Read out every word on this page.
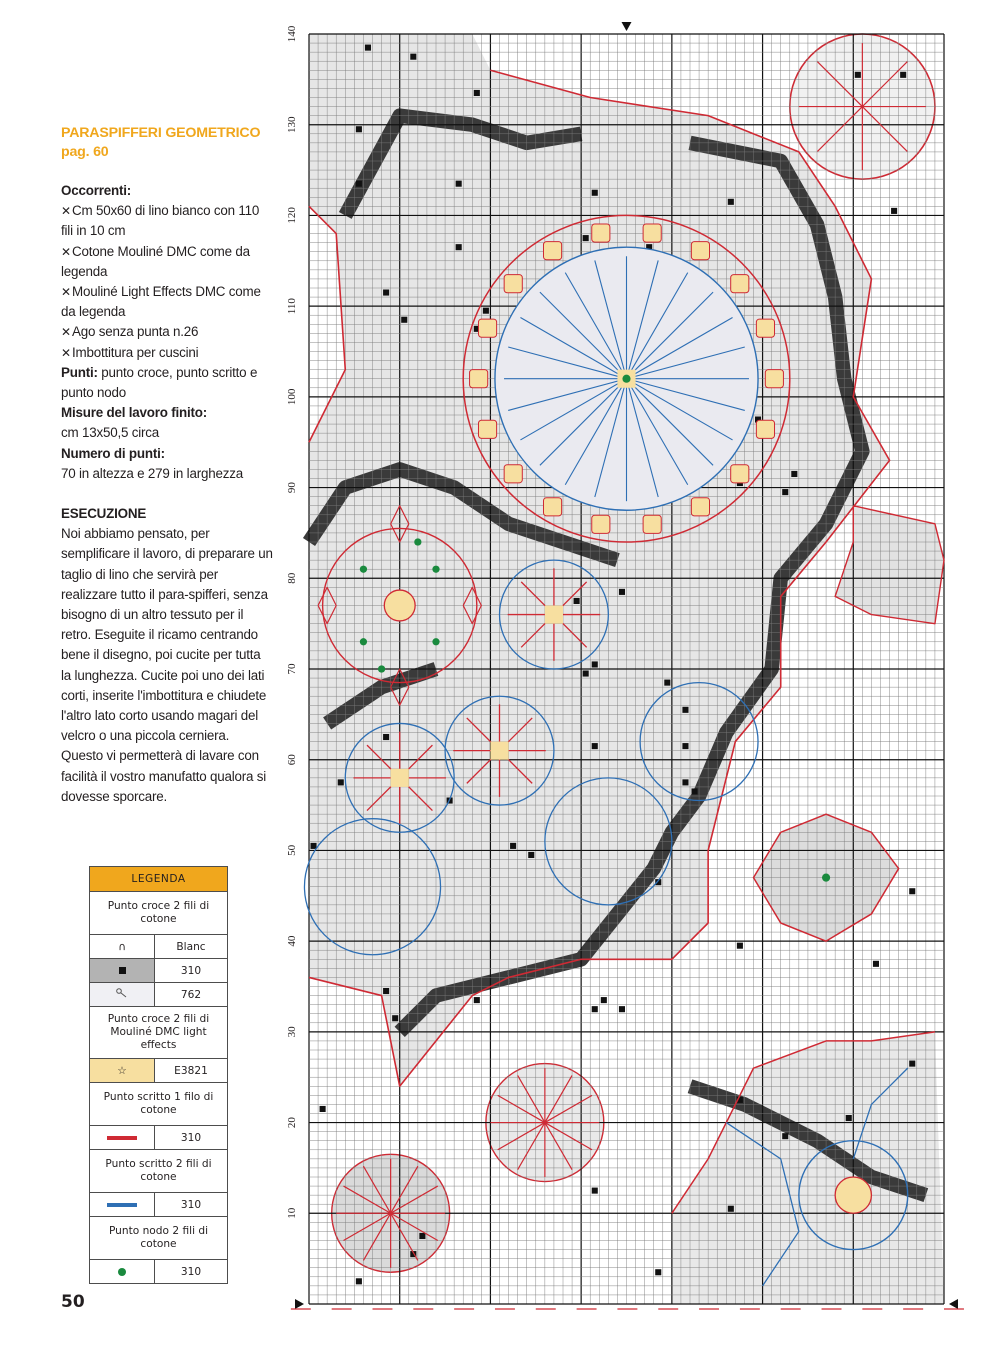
PARASPIFFERI GEOMETRICO
pag. 60
Occorrenti:
✕Cm 50x60 di lino bianco con 110 fili in 10 cm
✕Cotone Mouliné DMC come da legenda
✕Mouliné Light Effects DMC come da legenda
✕Ago senza punta n.26
✕Imbottitura per cuscini
Punti: punto croce, punto scritto e punto nodo
Misure del lavoro finito:
cm 13x50,5 circa
Numero di punti:
70 in altezza e 279 in larghezza
ESECUZIONE

Noi abbiamo pensato, per semplificare il lavoro, di preparare un taglio di lino che servirà per realizzare tutto il para-spifferi, senza bisogno di un altro tessuto per il retro. Eseguite il ricamo centrando bene il disegno, poi cucite per tutta la lunghezza. Cucite poi uno dei lati corti, inserite l'imbottitura e chiudete l'altro lato corto usando magari del velcro o una piccola cerniera. Questo vi permetterà di lavare con facilità il vostro manufatto qualora si dovesse sporcare.

LEGENDA	
Punto croce 2 fili di cotone	
∩	Blanc
	310
	762
Punto croce 2 fili di Mouliné DMC light effects	
☆	E3821
Punto scritto 1 filo di cotone	
	310
Punto scritto 2 fili di cotone	
	310
Punto nodo 2 fili di cotone	
	310
50
10
20
30
40
50
60
70
80
90
100
110
120
130
140
